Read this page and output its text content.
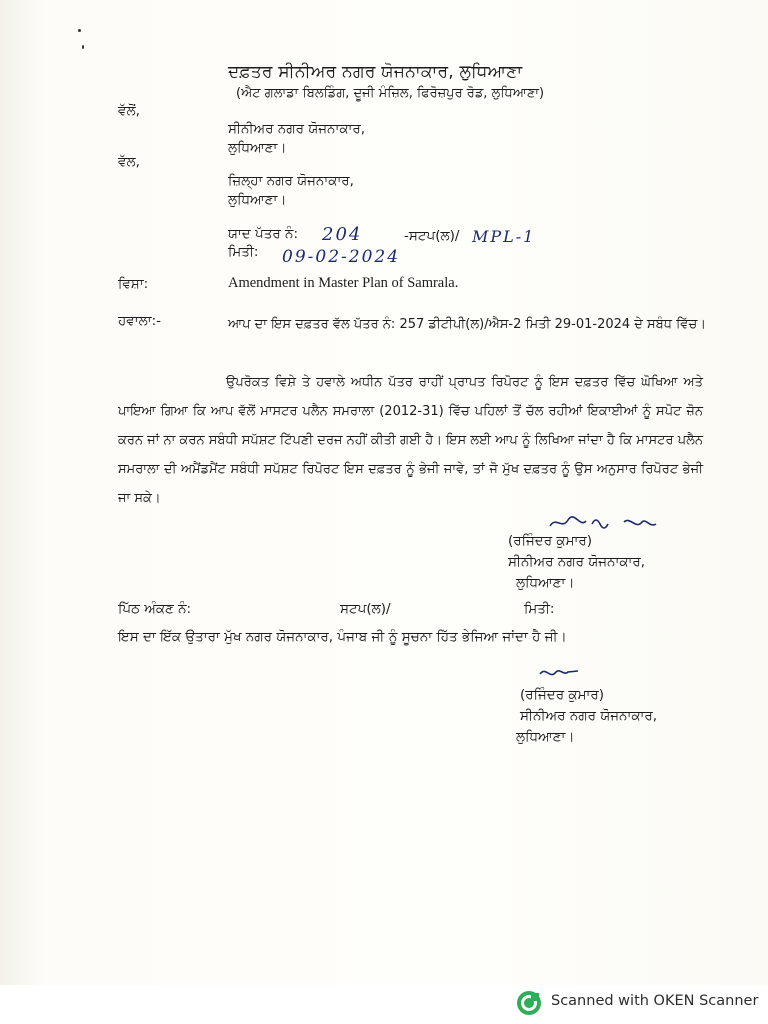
ਦਫ਼ਤਰ ਸੀਨੀਅਰ ਨਗਰ ਯੋਜਨਾਕਾਰ, ਲੁਧਿਆਣਾ
(ਐਟ ਗਲਾਡਾ ਬਿਲਡਿੰਗ, ਦੂਜੀ ਮੰਜ਼ਿਲ, ਫਿਰੋਜ਼ਪੁਰ ਰੋਡ, ਲੁਧਿਆਣਾ)
ਵੱਲੋਂ,
ਸੀਨੀਅਰ ਨਗਰ ਯੋਜਨਾਕਾਰ,
ਲੁਧਿਆਣਾ।
ਵੱਲ,
ਜ਼ਿਲ੍ਹਾ ਨਗਰ ਯੋਜਨਾਕਾਰ,
ਲੁਧਿਆਣਾ।
ਯਾਦ ਪੱਤਰ ਨੰ: 204	-ਸਟਪ(ਲ)/ MPL-1
ਮਿਤੀ: 09-02-2024
ਵਿਸ਼ਾ:	Amendment in Master Plan of Samrala.
ਹਵਾਲਾ:-	ਆਪ ਦਾ ਇਸ ਦਫ਼ਤਰ ਵੱਲ ਪੱਤਰ ਨੰ: 257 ਡੀਟੀਪੀ(ਲ)/ਐਸ-2 ਮਿਤੀ 29-01-2024 ਦੇ ਸਬੰਧ ਵਿੱਚ।
ਉਪਰੋਕਤ ਵਿਸ਼ੇ ਤੇ ਹਵਾਲੇ ਅਧੀਨ ਪੱਤਰ ਰਾਹੀਂ ਪ੍ਰਾਪਤ ਰਿਪੋਰਟ ਨੂੰ ਇਸ ਦਫ਼ਤਰ ਵਿੱਚ ਘੋਖਿਆ ਅਤੇ ਪਾਇਆ ਗਿਆ ਕਿ ਆਪ ਵੱਲੋਂ ਮਾਸਟਰ ਪਲੈਨ ਸਮਰਾਲਾ (2012-31) ਵਿੱਚ ਪਹਿਲਾਂ ਤੋਂ ਚੱਲ ਰਹੀਆਂ ਇਕਾਈਆਂ ਨੂੰ ਸਪੋਟ ਜ਼ੋਨ ਕਰਨ ਜਾਂ ਨਾ ਕਰਨ ਸਬੰਧੀ ਸਪੱਸ਼ਟ ਟਿੱਪਣੀ ਦਰਜ ਨਹੀਂ ਕੀਤੀ ਗਈ ਹੈ। ਇਸ ਲਈ ਆਪ ਨੂੰ ਲਿਖਿਆ ਜਾਂਦਾ ਹੈ ਕਿ ਮਾਸਟਰ ਪਲੈਨ ਸਮਰਾਲਾ ਦੀ ਅਮੈਂਡਮੈਂਟ ਸਬੰਧੀ ਸਪੱਸ਼ਟ ਰਿਪੋਰਟ ਇਸ ਦਫ਼ਤਰ ਨੂੰ ਭੇਜੀ ਜਾਵੇ, ਤਾਂ ਜੋ ਮੁੱਖ ਦਫ਼ਤਰ ਨੂੰ ਉਸ ਅਨੁਸਾਰ ਰਿਪੋਰਟ ਭੇਜੀ ਜਾ ਸਕੇ।
(ਰਜਿੰਦਰ ਕੁਮਾਰ)
ਸੀਨੀਅਰ ਨਗਰ ਯੋਜਨਾਕਾਰ,
ਲੁਧਿਆਣਾ।
ਪਿੱਠ ਅੰਕਣ ਨੰ:	ਸਟਪ(ਲ)/	ਮਿਤੀ:
ਇਸ ਦਾ ਇੱਕ ਉਤਾਰਾ ਮੁੱਖ ਨਗਰ ਯੋਜਨਾਕਾਰ, ਪੰਜਾਬ ਜੀ ਨੂੰ ਸੂਚਨਾ ਹਿੱਤ ਭੇਜਿਆ ਜਾਂਦਾ ਹੈ ਜੀ।
(ਰਜਿੰਦਰ ਕੁਮਾਰ)
ਸੀਨੀਅਰ ਨਗਰ ਯੋਜਨਾਕਾਰ,
ਲੁਧਿਆਣਾ।
Scanned with OKEN Scanner
